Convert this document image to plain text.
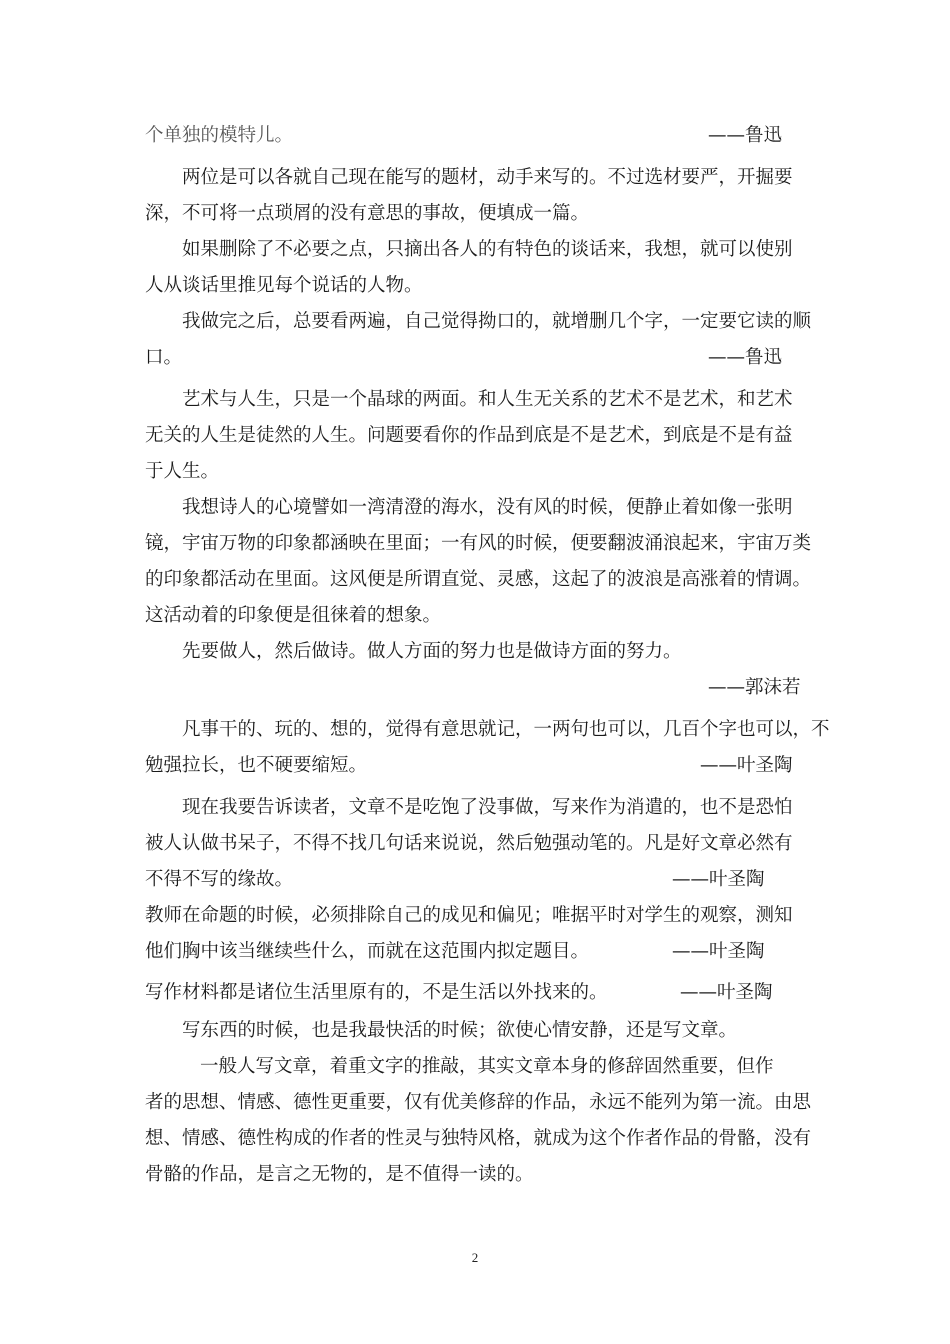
个单独的模特儿。	——鲁迅
两位是可以各就自己现在能写的题材，动手来写的。不过选材要严，开掘要
深，不可将一点琐屑的没有意思的事故，便填成一篇。
如果删除了不必要之点，只摘出各人的有特色的谈话来，我想，就可以使别
人从谈话里推见每个说话的人物。
我做完之后，总要看两遍，自己觉得拗口的，就增删几个字，一定要它读的顺
口。	——鲁迅
艺术与人生，只是一个晶球的两面。和人生无关系的艺术不是艺术，和艺术
无关的人生是徒然的人生。问题要看你的作品到底是不是艺术，到底是不是有益
于人生。
我想诗人的心境譬如一湾清澄的海水，没有风的时候，便静止着如像一张明
镜，宇宙万物的印象都涵映在里面；一有风的时候，便要翻波涌浪起来，宇宙万类
的印象都活动在里面。这风便是所谓直觉、灵感，这起了的波浪是高涨着的情调。
这活动着的印象便是徂徕着的想象。
先要做人，然后做诗。做人方面的努力也是做诗方面的努力。
——郭沫若
凡事干的、玩的、想的，觉得有意思就记，一两句也可以，几百个字也可以，不
勉强拉长，也不硬要缩短。	——叶圣陶
现在我要告诉读者，文章不是吃饱了没事做，写来作为消遣的，也不是恐怕
被人认做书呆子，不得不找几句话来说说，然后勉强动笔的。凡是好文章必然有
不得不写的缘故。	——叶圣陶
教师在命题的时候，必须排除自己的成见和偏见；唯据平时对学生的观察，测知
他们胸中该当继续些什么，而就在这范围内拟定题目。	——叶圣陶
写作材料都是诸位生活里原有的，不是生活以外找来的。	——叶圣陶
写东西的时候，也是我最快活的时候；欲使心情安静，还是写文章。
一般人写文章，着重文字的推敲，其实文章本身的修辞固然重要，但作
者的思想、情感、德性更重要，仅有优美修辞的作品，永远不能列为第一流。由思
想、情感、德性构成的作者的性灵与独特风格，就成为这个作者作品的骨骼，没有
骨骼的作品，是言之无物的，是不值得一读的。
2
